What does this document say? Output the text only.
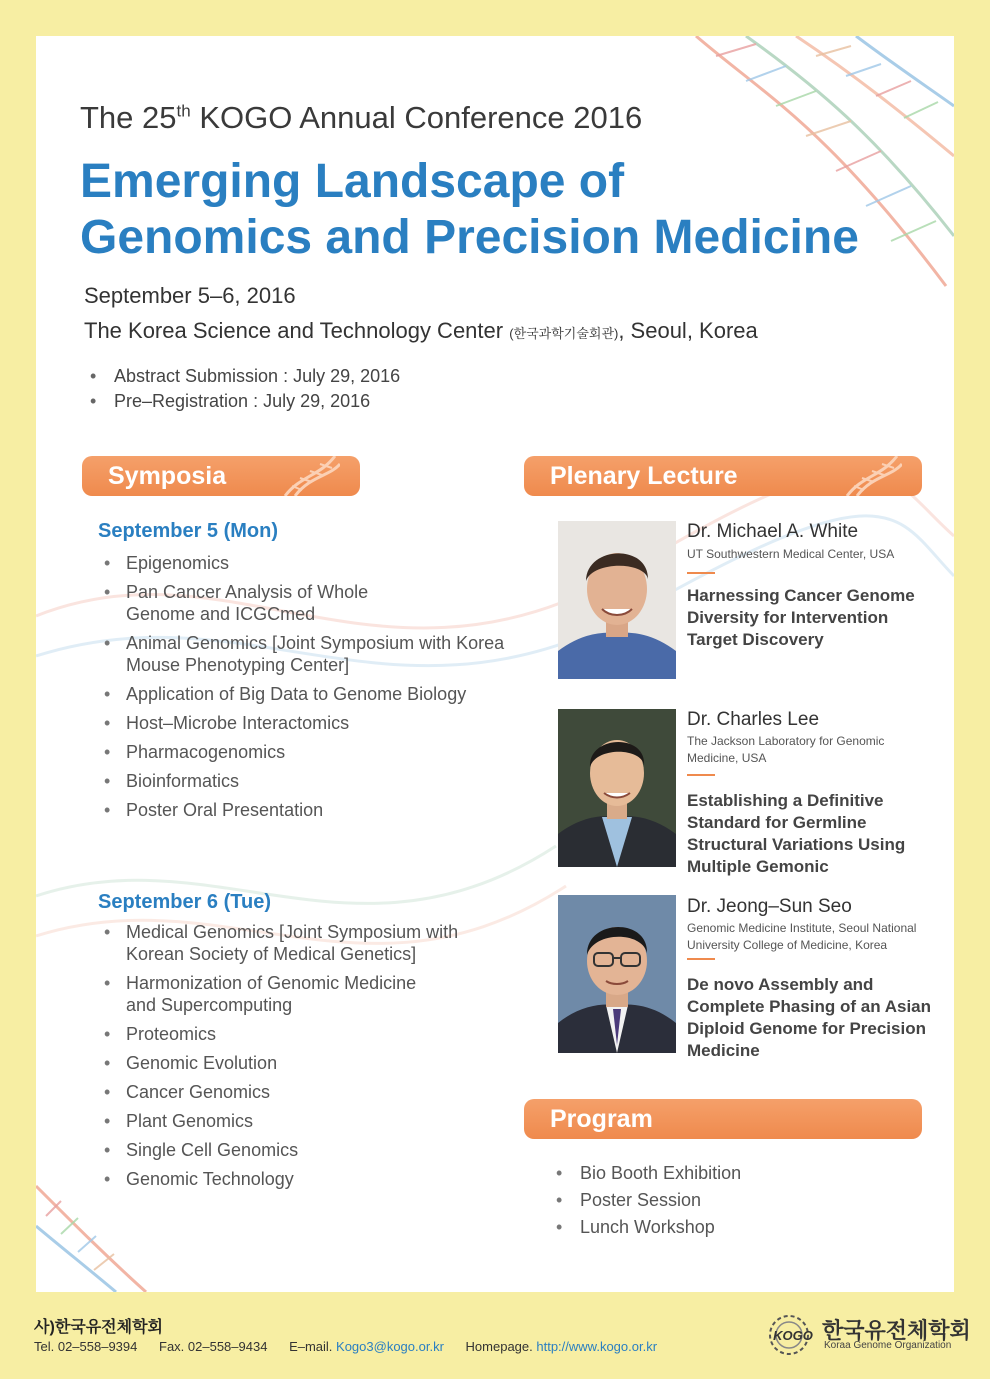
The 25th KOGO Annual Conference 2016
Emerging Landscape of
Genomics and Precision Medicine
September 5–6, 2016
The Korea Science and Technology Center (한국과학기술회관), Seoul, Korea
• Abstract Submission : July 29, 2016
• Pre–Registration : July 29, 2016
Symposia
September 5 (Mon)
• Epigenomics
• Pan Cancer Analysis of Whole Genome and ICGCmed
• Animal Genomics [Joint Symposium with Korea Mouse Phenotyping Center]
• Application of Big Data to Genome Biology
• Host–Microbe Interactomics
• Pharmacogenomics
• Bioinformatics
• Poster Oral Presentation
September 6 (Tue)
• Medical Genomics [Joint Symposium with Korean Society of Medical Genetics]
• Harmonization of Genomic Medicine and Supercomputing
• Proteomics
• Genomic Evolution
• Cancer Genomics
• Plant Genomics
• Single Cell Genomics
• Genomic Technology
Plenary Lecture
Dr. Michael A. White
UT Southwestern Medical Center, USA
Harnessing Cancer Genome Diversity for Intervention Target Discovery
Dr. Charles Lee
The Jackson Laboratory for Genomic Medicine, USA
Establishing a Definitive Standard for Germline Structural Variations Using Multiple Gemonic
Dr. Jeong–Sun Seo
Genomic Medicine Institute, Seoul National University College of Medicine, Korea
De novo Assembly and Complete Phasing of an Asian Diploid Genome for Precision Medicine
Program
• Bio Booth Exhibition
• Poster Session
• Lunch Workshop
사)한국유전체학회
Tel. 02–558–9394 Fax. 02–558–9434 E–mail. Kogo3@kogo.or.kr Homepage. http://www.kogo.or.kr
KOGO 한국유전체학회
Koraa Genome Organization
